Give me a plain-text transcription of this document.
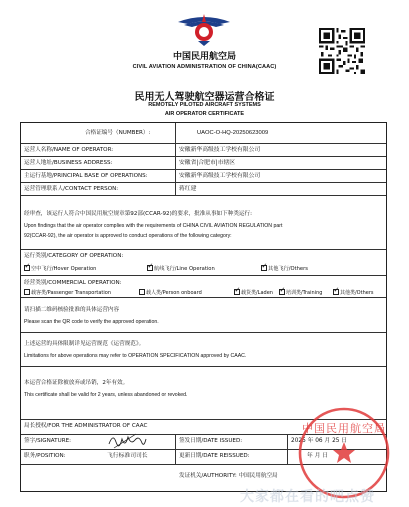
中国民用航空局
CIVIL AVIATION ADMINISTRATION OF CHINA(CAAC)
民用无人驾驶航空器运营合格证
REMOTELY PILOTED AIRCRAFT SYSTEMS
AIR OPERATOR CERTIFICATE
合格证编号（NUMBER）:	UAOC-O-HQ-20250623009
运营人名称/NAME OF OPERATOR:	安徽新华高级技工学校有限公司
运营人地址/BUSINESS ADDRESS:	安徽省|合肥市|市辖区
主运行基地/PRINCIPAL BASE OF OPERATIONS:	安徽新华高级技工学校有限公司
运营管理联系人/CONTACT PERSON:	蒋红建
经审查，该运行人符合中国民用航空规章第92部(CCAR-92)的要求，批准从事如下种类运行:
Upon findings that the air operator complies with the requirements of CHINA CIVIL AVIATION REGULATION part
92(CCAR-92), the air operator is approved to conduct operations of the following category:
运行类别/CATEGORY OF OPERATION:
✓空中飞行/Hover Operation ✓	航线飞行/Line Operation ✓	其他飞行/Others
经营类别/COMMERCIAL OPERATION:
载客类/Passenger Transportation	载人类/Person onboard ✓	载货类/Laden ✓	培训类/Training ✓	其他类/Others
请扫描二维码核验批准的具体运营内容
Please scan the QR code to verify the approved operation.
上述运营的具体限制详见运营规范《运营规范》。
Limitations for above operations may refer to OPERATION SPECIFICATION approved by CAAC.
本运营合格证除被放弃或吊销，2年有效。
This certificate shall be valid for 2 years, unless abandoned or revoked.
局长授权/FOR THE ADMINISTRATOR OF CAAC
签字/SIGNATURE:	签发日期/DATE ISSUED:	2025 年 06 月 25 日
职务/POSITION:	飞行标准司司长	更新日期/DATE REISSUED:	年 月 日
发证机关/AUTHORITY: 中国民用航空局
中国民用航空局
大家都在看的吧点赞
